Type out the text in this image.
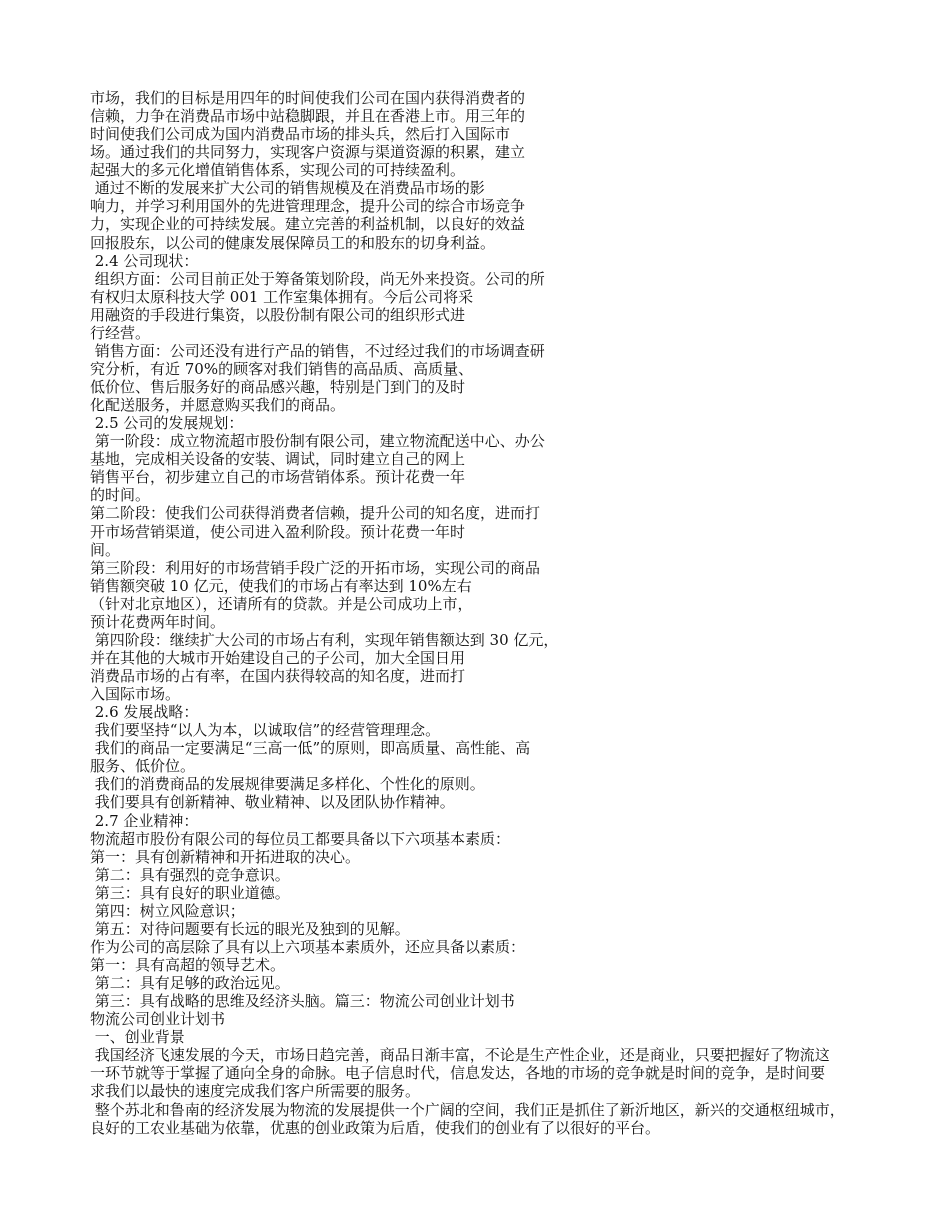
市场，我们的目标是用四年的时间使我们公司在国内获得消费者的
信赖，力争在消费品市场中站稳脚跟，并且在香港上市。用三年的
时间使我们公司成为国内消费品市场的排头兵，然后打入国际市
场。通过我们的共同努力，实现客户资源与渠道资源的积累，建立
起强大的多元化增值销售体系，实现公司的可持续盈利。
通过不断的发展来扩大公司的销售规模及在消费品市场的影
响力，并学习利用国外的先进管理理念，提升公司的综合市场竞争
力，实现企业的可持续发展。建立完善的利益机制，以良好的效益
回报股东，以公司的健康发展保障员工的和股东的切身利益。
2.4 公司现状：
组织方面：公司目前正处于筹备策划阶段，尚无外来投资。公司的所
有权归太原科技大学 001 工作室集体拥有。今后公司将采
用融资的手段进行集资，以股份制有限公司的组织形式进
行经营。
销售方面：公司还没有进行产品的销售，不过经过我们的市场调查研
究分析，有近 70%的顾客对我们销售的高品质、高质量、
低价位、售后服务好的商品感兴趣，特别是门到门的及时
化配送服务，并愿意购买我们的商品。
2.5 公司的发展规划：
第一阶段：成立物流超市股份制有限公司，建立物流配送中心、办公
基地，完成相关设备的安装、调试，同时建立自己的网上
销售平台，初步建立自己的市场营销体系。预计花费一年
的时间。
第二阶段：使我们公司获得消费者信赖，提升公司的知名度，进而打
开市场营销渠道，使公司进入盈利阶段。预计花费一年时
间。
第三阶段：利用好的市场营销手段广泛的开拓市场，实现公司的商品
销售额突破 10 亿元，使我们的市场占有率达到 10%左右
（针对北京地区），还请所有的贷款。并是公司成功上市，
预计花费两年时间。
第四阶段：继续扩大公司的市场占有利，实现年销售额达到 30 亿元，
并在其他的大城市开始建设自己的子公司，加大全国日用
消费品市场的占有率，在国内获得较高的知名度，进而打
入国际市场。
2.6 发展战略：
我们要坚持“以人为本，以诚取信”的经营管理理念。
我们的商品一定要满足“三高一低”的原则，即高质量、高性能、高
服务、低价位。
我们的消费商品的发展规律要满足多样化、个性化的原则。
我们要具有创新精神、敬业精神、以及团队协作精神。
2.7 企业精神：
物流超市股份有限公司的每位员工都要具备以下六项基本素质：
第一：具有创新精神和开拓进取的决心。
第二：具有强烈的竞争意识。
第三：具有良好的职业道德。
第四：树立风险意识；
第五：对待问题要有长远的眼光及独到的见解。
作为公司的高层除了具有以上六项基本素质外，还应具备以素质：
第一：具有高超的领导艺术。
第二：具有足够的政治远见。
第三：具有战略的思维及经济头脑。篇三：物流公司创业计划书
物流公司创业计划书
一、创业背景
我国经济飞速发展的今天，市场日趋完善，商品日渐丰富，不论是生产性企业，还是商业，只要把握好了物流这
一环节就等于掌握了通向全身的命脉。电子信息时代，信息发达，各地的市场的竞争就是时间的竞争，是时间要
求我们以最快的速度完成我们客户所需要的服务。
整个苏北和鲁南的经济发展为物流的发展提供一个广阔的空间，我们正是抓住了新沂地区，新兴的交通枢纽城市，
良好的工农业基础为依靠，优惠的创业政策为后盾，使我们的创业有了以很好的平台。
